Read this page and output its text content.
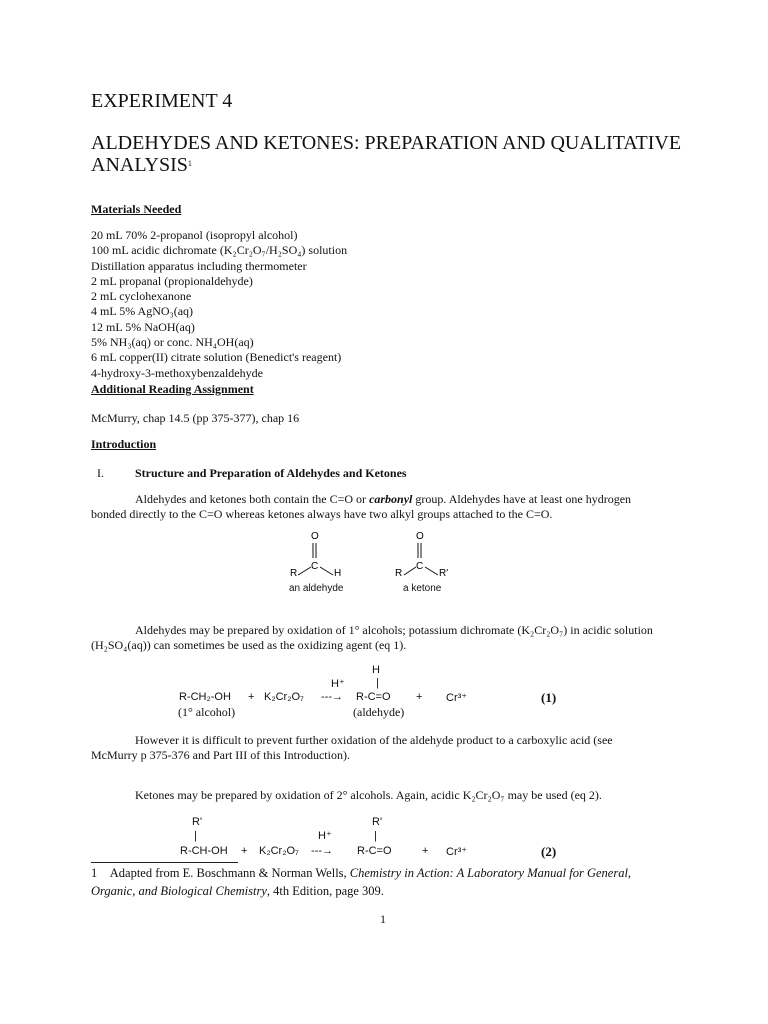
EXPERIMENT 4
ALDEHYDES AND KETONES: PREPARATION AND QUALITATIVE
ANALYSIS$^1$
Materials Needed
20 mL 70% 2-propanol (isopropyl alcohol)
100 mL acidic dichromate (K₂Cr₂O₇/H₂SO₄) solution
Distillation apparatus including thermometer
2 mL propanal (propionaldehyde)
2 mL cyclohexanone
4 mL 5% AgNO₃(aq)
12 mL 5% NaOH(aq)
5% NH₃(aq) or conc. NH₄OH(aq)
6 mL copper(II) citrate solution (Benedict's reagent)
4-hydroxy-3-methoxybenzaldehyde
Additional Reading Assignment
McMurry, chap 14.5 (pp 375-377), chap 16
Introduction
I.	Structure and Preparation of Aldehydes and Ketones
Aldehydes and ketones both contain the C=O or carbonyl group. Aldehydes have at least one hydrogen
bonded directly to the C=O whereas ketones always have two alkyl groups attached to the C=O.
O
C
R	H
O
C
R	R'
an aldehyde	a ketone
Aldehydes may be prepared by oxidation of 1° alcohols; potassium dichromate (K₂Cr₂O₇) in acidic solution
(H₂SO₄(aq)) can sometimes be used as the oxidizing agent (eq 1).
H
|
H⁺
R-CH₂-OH + K₂Cr₂O₇ ---→ R-C=O + Cr³⁺	(1)
(1° alcohol)	(aldehyde)
However it is difficult to prevent further oxidation of the aldehyde product to a carboxylic acid (see
McMurry p 375-376 and Part III of this Introduction).
Ketones may be prepared by oxidation of 2° alcohols. Again, acidic K₂Cr₂O₇ may be used (eq 2).
R'	R'
|	|
H⁺
R-CH-OH + K₂Cr₂O₇ ---→ R-C=O	+ Cr³⁺	(2)
1 Adapted from E. Boschmann & Norman Wells, Chemistry in Action: A Laboratory Manual for General,
Organic, and Biological Chemistry, 4th Edition, page 309.
1
